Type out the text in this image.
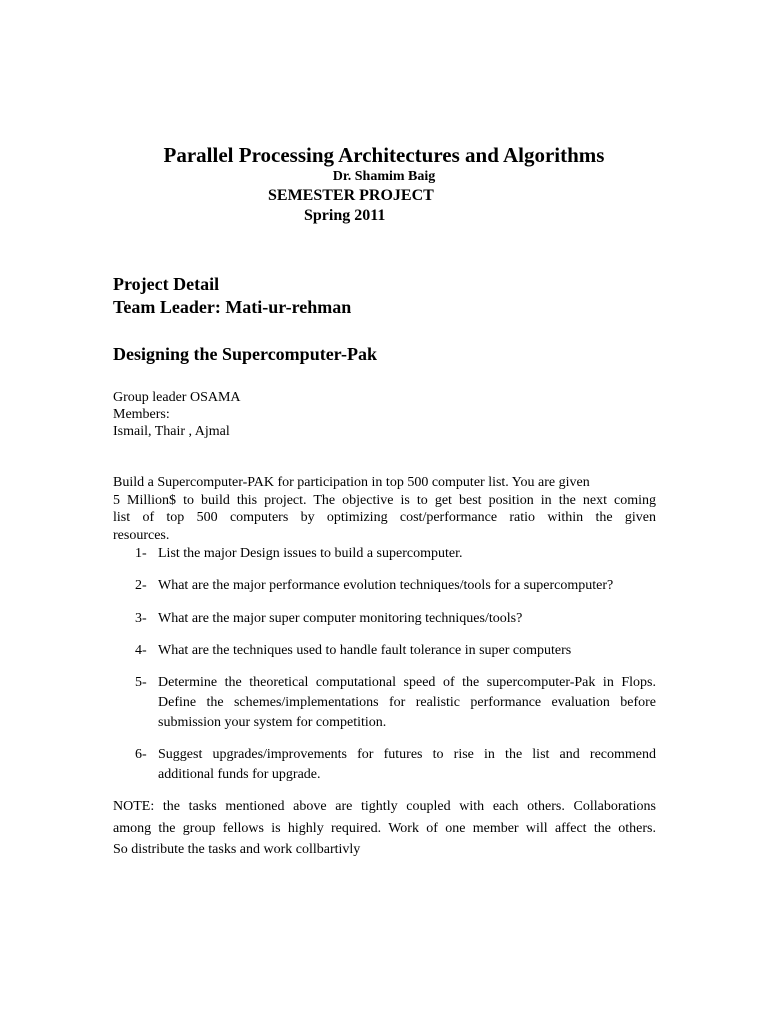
Parallel Processing Architectures and Algorithms
Dr. Shamim Baig
SEMESTER PROJECT
Spring 2011
Project Detail
Team Leader: Mati-ur-rehman
Designing the Supercomputer-Pak
Group leader OSAMA
Members:
Ismail, Thair , Ajmal
Build a Supercomputer-PAK for participation in top 500 computer list. You are given
5 Million$ to build this project. The objective is to get best position in the next coming
list of top 500 computers by optimizing cost/performance ratio within the given
resources.
1- List the major Design issues to build a supercomputer.
2- What are the major performance evolution techniques/tools for a supercomputer?
3- What are the major super computer monitoring techniques/tools?
4- What are the techniques used to handle fault tolerance in super computers
5- Determine the theoretical computational speed of the supercomputer-Pak in Flops.
Define the schemes/implementations for realistic performance evaluation before
submission your system for competition.
6- Suggest upgrades/improvements for futures to rise in the list and recommend
additional funds for upgrade.
NOTE: the tasks mentioned above are tightly coupled with each others. Collaborations
among the group fellows is highly required. Work of one member will affect the others.
So distribute the tasks and work collbartivly
